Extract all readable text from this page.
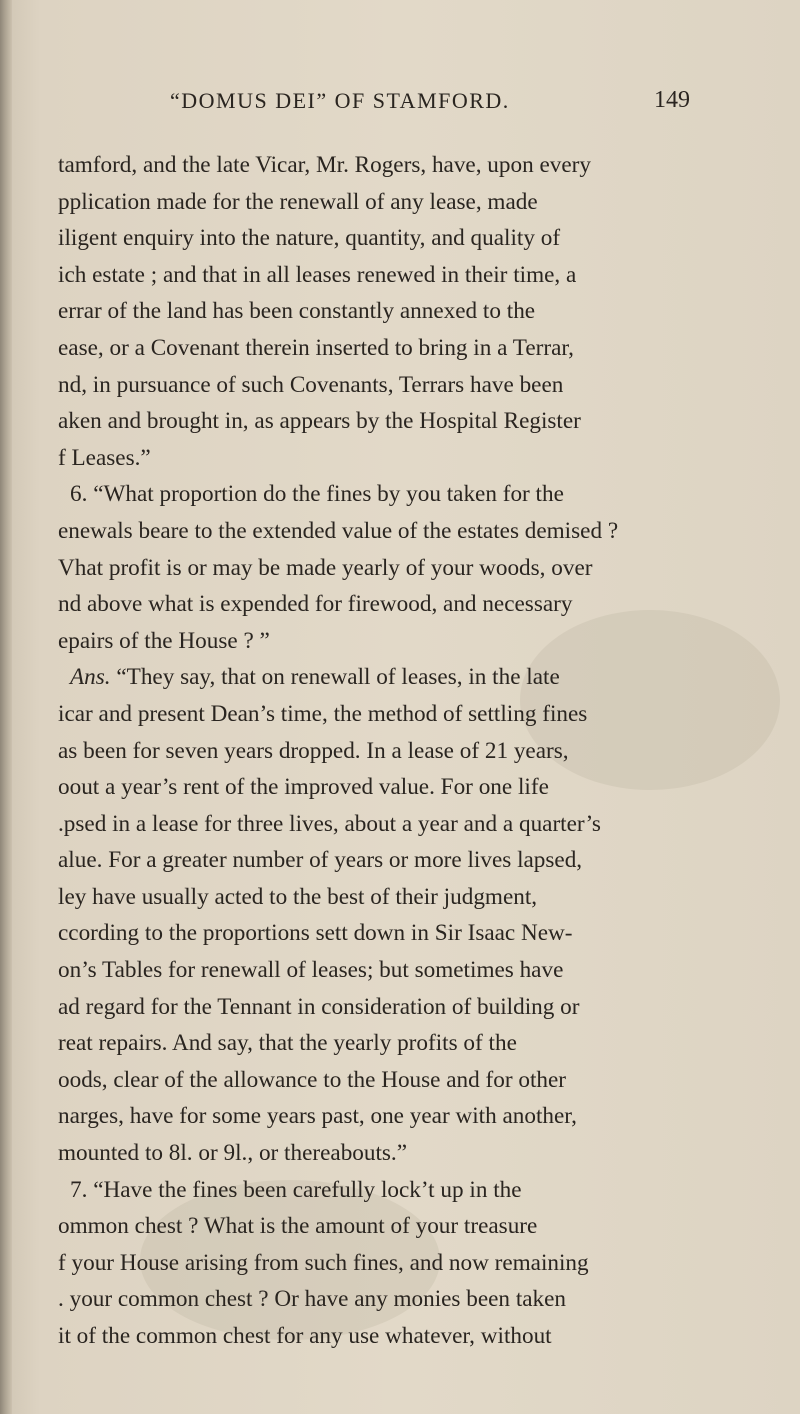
“DOMUS DEI” OF STAMFORD.	149
tamford, and the late Vicar, Mr. Rogers, have, upon every
pplication made for the renewall of any lease, made
iligent enquiry into the nature, quantity, and quality of
ich estate ; and that in all leases renewed in their time, a
errar of the land has been constantly annexed to the
ease, or a Covenant therein inserted to bring in a Terrar,
nd, in pursuance of such Covenants, Terrars have been
aken and brought in, as appears by the Hospital Register
f Leases.”
6. “What proportion do the fines by you taken for the
enewals beare to the extended value of the estates demised ?
Vhat profit is or may be made yearly of your woods, over
nd above what is expended for firewood, and necessary
epairs of the House ? ”
Ans. “They say, that on renewall of leases, in the late
icar and present Dean’s time, the method of settling fines
as been for seven years dropped. In a lease of 21 years,
oout a year’s rent of the improved value. For one life
.psed in a lease for three lives, about a year and a quarter’s
alue. For a greater number of years or more lives lapsed,
ley have usually acted to the best of their judgment,
ccording to the proportions sett down in Sir Isaac New-
on’s Tables for renewall of leases; but sometimes have
ad regard for the Tennant in consideration of building or
reat repairs. And say, that the yearly profits of the
oods, clear of the allowance to the House and for other
narges, have for some years past, one year with another,
mounted to 8l. or 9l., or thereabouts.”
7. “Have the fines been carefully lock’t up in the
ommon chest ? What is the amount of your treasure
f your House arising from such fines, and now remaining
. your common chest ? Or have any monies been taken
it of the common chest for any use whatever, without
